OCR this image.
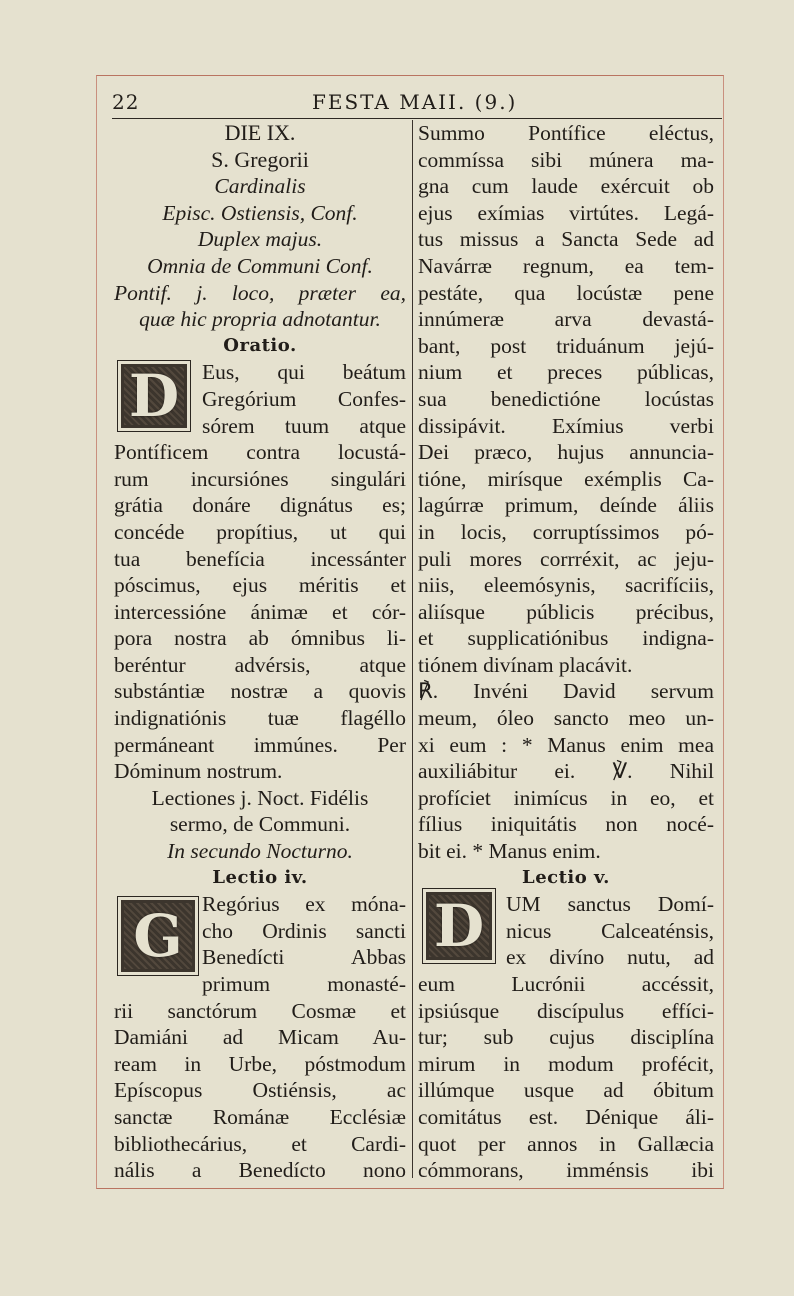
22	FESTA MAII. (9.)
DIE IX.
S. Gregorii
Cardinalis
Episc. Ostiensis, Conf.
Duplex majus.
Omnia de Communi Conf.
Pontif. j. loco, præter ea,
quæ hic propria adnotantur.
Oratio.
Eus, qui beátum
Gregórium Confes-
sórem tuum atque
Pontíficem contra locustá-
rum incursiónes singulári
grátia donáre dignátus es;
concéde propítius, ut qui
tua benefícia incessánter
póscimus, ejus méritis et
intercessióne ánimæ et cór-
pora nostra ab ómnibus li-
beréntur advérsis, atque
substántiæ nostræ a quovis
indignatiónis tuæ flagéllo
permáneant immúnes. Per
Dóminum nostrum.
Lectiones j. Noct. Fidélis
sermo, de Communi.
In secundo Nocturno.
Lectio iv.
Regórius ex móna-
cho Ordinis sancti
Benedícti Abbas
primum monasté-
rii sanctórum Cosmæ et
Damiáni ad Micam Au-
ream in Urbe, póstmodum
Epíscopus Ostiénsis, ac
sanctæ Románæ Ecclésiæ
bibliothecárius, et Cardi-
nális a Benedícto nono
Summo Pontífice eléctus,
commíssa sibi múnera ma-
gna cum laude exércuit ob
ejus exímias virtútes. Legá-
tus missus a Sancta Sede ad
Navárræ regnum, ea tem-
pestáte, qua locústæ pene
innúmeræ arva devastá-
bant, post triduánum jejú-
nium et preces públicas,
sua benedictióne locústas
dissipávit. Exímius verbi
Dei præco, hujus annuncia-
tióne, mirísque exémplis Ca-
lagúrræ primum, deínde áliis
in locis, corruptíssimos pó-
puli mores corrréxit, ac jeju-
niis, eleemósynis, sacrifíciis,
aliísque públicis précibus,
et supplicatiónibus indigna-
tiónem divínam placávit.
℟. Invéni David servum
meum, óleo sancto meo un-
xi eum : * Manus enim mea
auxiliábitur ei. ℣. Nihil
profíciet inimícus in eo, et
fílius iniquitátis non nocé-
bit ei. * Manus enim.
Lectio v.
UM sanctus Domí-
nicus Calceaténsis,
ex divíno nutu, ad
eum Lucrónii accéssit,
ipsiúsque discípulus effíci-
tur; sub cujus disciplína
mirum in modum profécit,
illúmque usque ad óbitum
comitátus est. Dénique áli-
quot per annos in Gallæcia
cómmorans, imménsis ibi
D
G	D
